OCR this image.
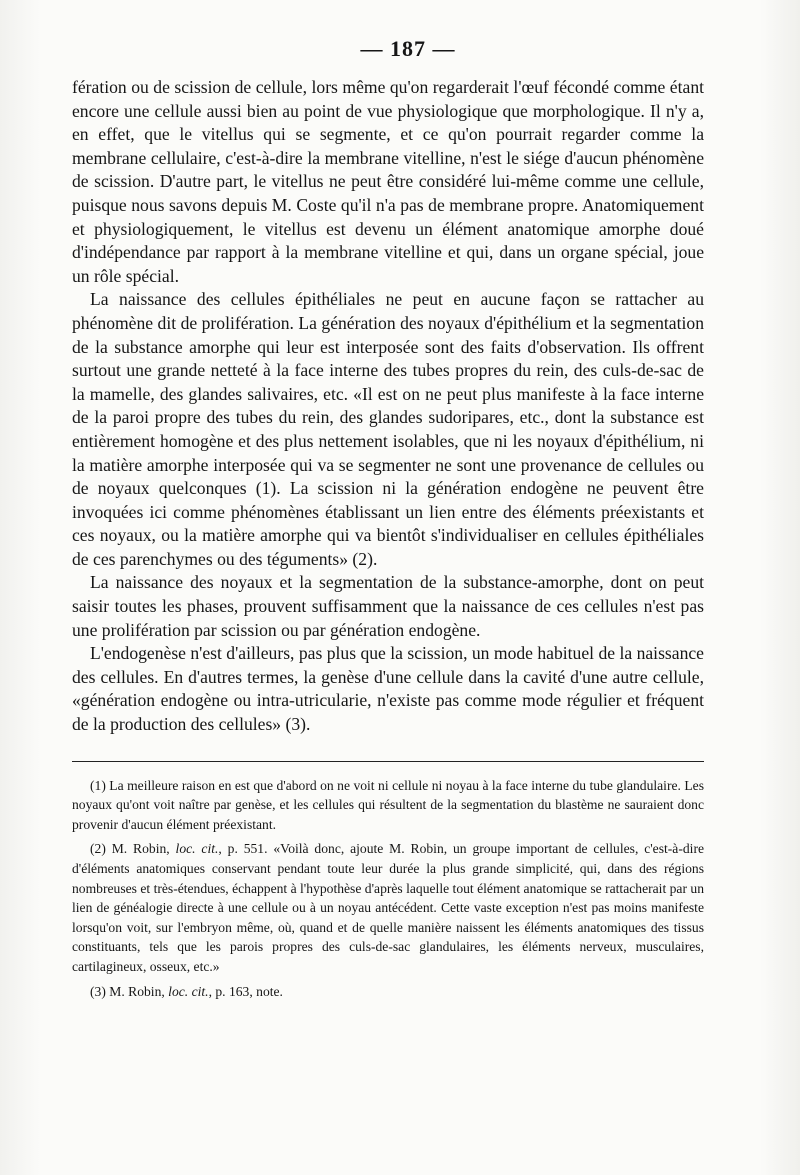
— 187 —

fération ou de scission de cellule, lors même qu'on regarderait l'œuf fécondé comme étant encore une cellule aussi bien au point de vue physiologique que morphologique. Il n'y a, en effet, que le vitellus qui se segmente, et ce qu'on pourrait regarder comme la membrane cellulaire, c'est-à-dire la membrane vitelline, n'est le siége d'aucun phénomène de scission. D'autre part, le vitellus ne peut être considéré lui-même comme une cellule, puisque nous savons depuis M. Coste qu'il n'a pas de membrane propre. Anatomiquement et physiologiquement, le vitellus est devenu un élément anatomique amorphe doué d'indépendance par rapport à la membrane vitelline et qui, dans un organe spécial, joue un rôle spécial.

La naissance des cellules épithéliales ne peut en aucune façon se rattacher au phénomène dit de prolifération. La génération des noyaux d'épithélium et la segmentation de la substance amorphe qui leur est interposée sont des faits d'observation. Ils offrent surtout une grande netteté à la face interne des tubes propres du rein, des culs-de-sac de la mamelle, des glandes salivaires, etc. «Il est on ne peut plus manifeste à la face interne de la paroi propre des tubes du rein, des glandes sudoripares, etc., dont la substance est entièrement homogène et des plus nettement isolables, que ni les noyaux d'épithélium, ni la matière amorphe interposée qui va se segmenter ne sont une provenance de cellules ou de noyaux quelconques (1). La scission ni la génération endogène ne peuvent être invoquées ici comme phénomènes établissant un lien entre des éléments préexistants et ces noyaux, ou la matière amorphe qui va bientôt s'individualiser en cellules épithéliales de ces parenchymes ou des téguments» (2).

La naissance des noyaux et la segmentation de la substance-amorphe, dont on peut saisir toutes les phases, prouvent suffisamment que la naissance de ces cellules n'est pas une prolifération par scission ou par génération endogène.

L'endogenèse n'est d'ailleurs, pas plus que la scission, un mode habituel de la naissance des cellules. En d'autres termes, la genèse d'une cellule dans la cavité d'une autre cellule, «génération endogène ou intra-utricularie, n'existe pas comme mode régulier et fréquent de la production des cellules» (3).

(1) La meilleure raison en est que d'abord on ne voit ni cellule ni noyau à la face interne du tube glandulaire. Les noyaux qu'ont voit naître par genèse, et les cellules qui résultent de la segmentation du blastème ne sauraient donc provenir d'aucun élément préexistant.

(2) M. Robin, loc. cit., p. 551. «Voilà donc, ajoute M. Robin, un groupe important de cellules, c'est-à-dire d'éléments anatomiques conservant pendant toute leur durée la plus grande simplicité, qui, dans des régions nombreuses et très-étendues, échappent à l'hypothèse d'après laquelle tout élément anatomique se rattacherait par un lien de généalogie directe à une cellule ou à un noyau antécédent. Cette vaste exception n'est pas moins manifeste lorsqu'on voit, sur l'embryon même, où, quand et de quelle manière naissent les éléments anatomiques des tissus constituants, tels que les parois propres des culs-de-sac glandulaires, les éléments nerveux, musculaires, cartilagineux, osseux, etc.»

(3) M. Robin, loc. cit., p. 163, note.
